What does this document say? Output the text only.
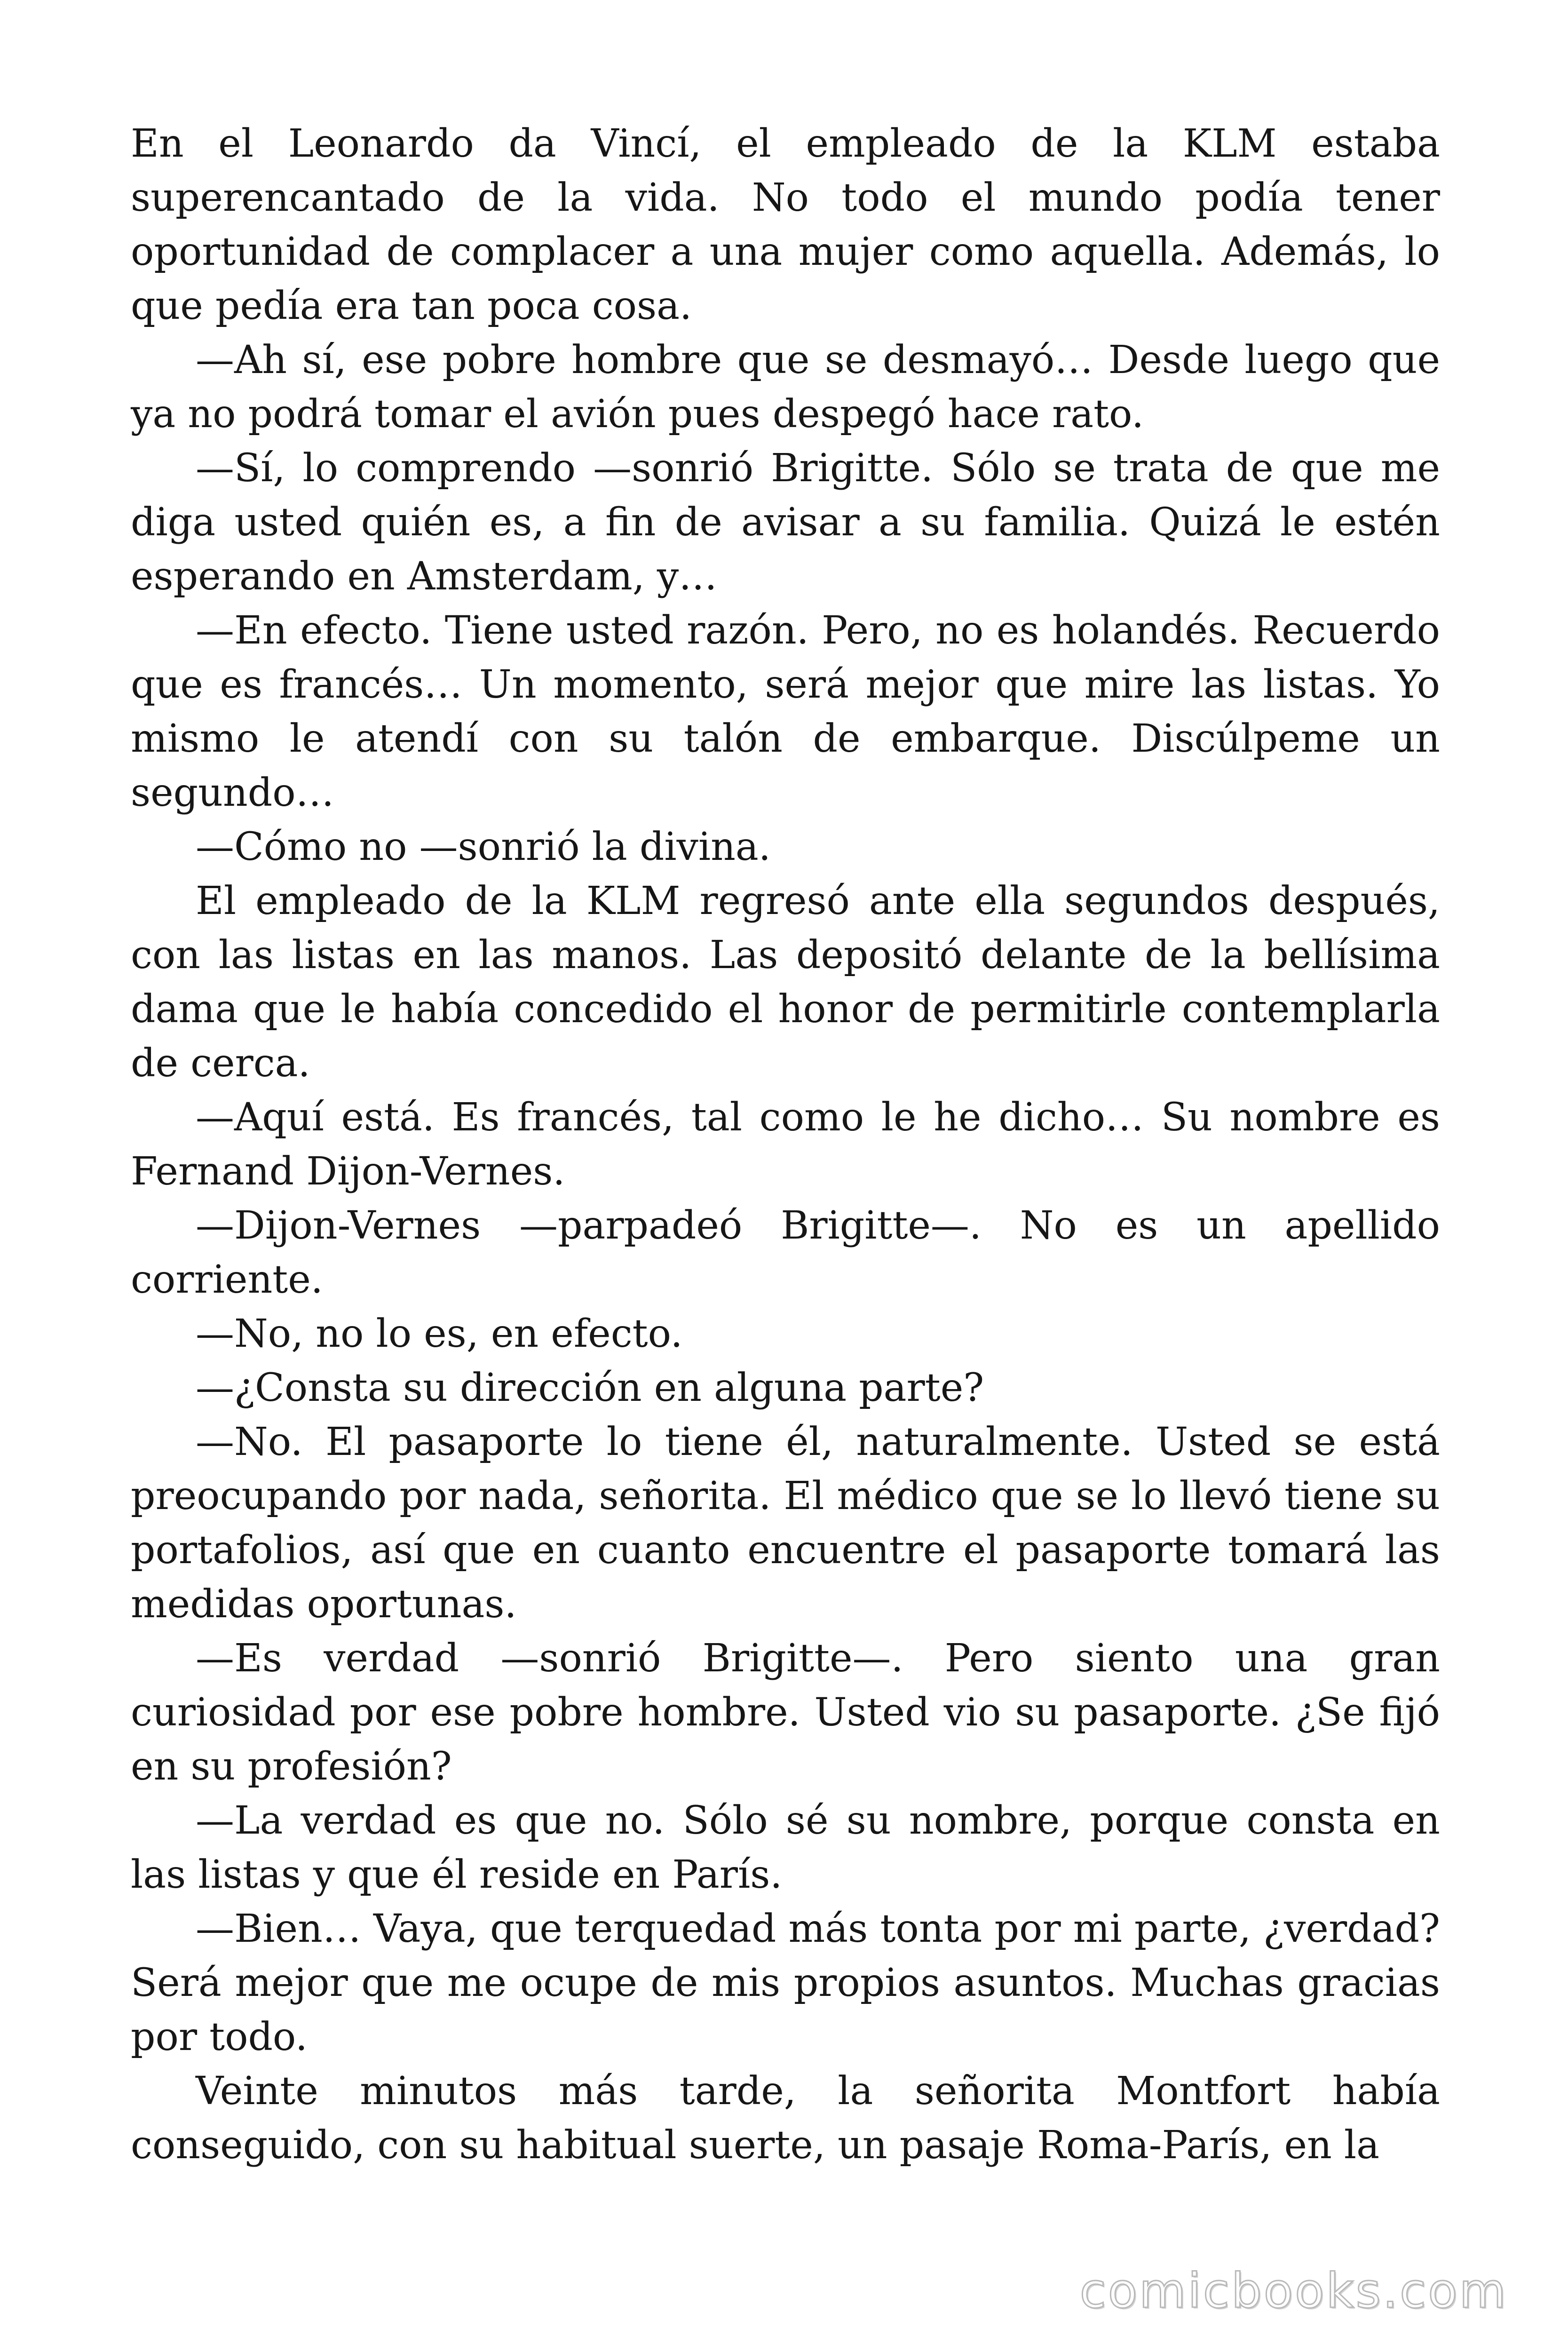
En el Leonardo da Vincí, el empleado de la KLM estaba superencantado de la vida. No todo el mundo podía tener oportunidad de complacer a una mujer como aquella. Además, lo que pedía era tan poca cosa.

—Ah sí, ese pobre hombre que se desmayó… Desde luego que ya no podrá tomar el avión pues despegó hace rato.

—Sí, lo comprendo —sonrió Brigitte. Sólo se trata de que me diga usted quién es, a fin de avisar a su familia. Quizá le estén esperando en Amsterdam, y…

—En efecto. Tiene usted razón. Pero, no es holandés. Recuerdo que es francés… Un momento, será mejor que mire las listas. Yo mismo le atendí con su talón de embarque. Discúlpeme un segundo…

—Cómo no —sonrió la divina.

El empleado de la KLM regresó ante ella segundos después, con las listas en las manos. Las depositó delante de la bellísima dama que le había concedido el honor de permitirle contemplarla de cerca.

—Aquí está. Es francés, tal como le he dicho… Su nombre es Fernand Dijon-Vernes.

—Dijon-Vernes —parpadeó Brigitte—. No es un apellido corriente.

—No, no lo es, en efecto.

—¿Consta su dirección en alguna parte?

—No. El pasaporte lo tiene él, naturalmente. Usted se está preocupando por nada, señorita. El médico que se lo llevó tiene su portafolios, así que en cuanto encuentre el pasaporte tomará las medidas oportunas.

—Es verdad —sonrió Brigitte—. Pero siento una gran curiosidad por ese pobre hombre. Usted vio su pasaporte. ¿Se fijó en su profesión?

—La verdad es que no. Sólo sé su nombre, porque consta en las listas y que él reside en París.

—Bien… Vaya, que terquedad más tonta por mi parte, ¿verdad? Será mejor que me ocupe de mis propios asuntos. Muchas gracias por todo.

Veinte minutos más tarde, la señorita Montfort había conseguido, con su habitual suerte, un pasaje Roma-París, en la

comicbooks.com
